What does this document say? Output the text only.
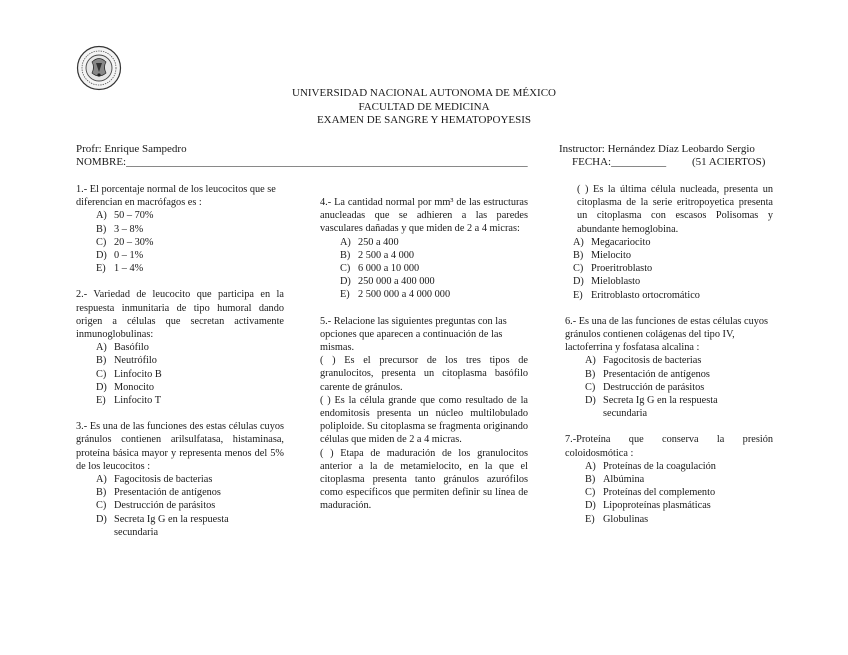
UNIVERSIDAD NACIONAL AUTONOMA DE MÉXICO
FACULTAD DE MEDICINA
EXAMEN DE SANGRE Y HEMATOPOYESIS
Profr: Enrique Sampedro	Instructor: Hernández Díaz Leobardo Sergio
NOMBRE:_________________________________________________________________________	FECHA:__________ (51 ACIERTOS)

1.- El porcentaje normal de los leucocitos que se diferencian en macrófagos es :

A) 50 – 70%
B) 3 – 8%
C) 20 – 30%
D) 0 – 1%
E) 1 – 4%

2.- Variedad de leucocito que participa en la respuesta inmunitaria de tipo humoral dando origen a células que secretan activamente inmunoglobulinas:

A) Basófilo
B) Neutrófilo
C) Linfocito B
D) Monocito
E) Linfocito T

3.- Es una de las funciones des estas células cuyos gránulos contienen arilsulfatasa, histaminasa, proteína básica mayor y representa menos del 5% de los leucocitos :

A) Fagocitosis de bacterias
B) Presentación de antígenos
C) Destrucción de parásitos
D) Secreta Ig G en la respuesta secundaria

4.- La cantidad normal por mm³ de las estructuras anucleadas que se adhieren a las paredes vasculares dañadas y que miden de 2 a 4 micras:

A) 250 a 400
B) 2 500 a 4 000
C) 6 000 a 10 000
D) 250 000 a 400 000
E) 2 500 000 a 4 000 000

5.- Relacione las siguientes preguntas con las opciones que aparecen a continuación de las mismas.

( ) Es el precursor de los tres tipos de granulocitos, presenta un citoplasma basófilo carente de gránulos.

( ) Es la célula grande que como resultado de la endomitosis presenta un núcleo multilobulado poliploide. Su citoplasma se fragmenta originando células que miden de 2 a 4 micras.

( ) Etapa de maduración de los granulocitos anterior a la de metamielocito, en la que el citoplasma presenta tanto gránulos azurófilos como específicos que permiten definir su línea de maduración.

( ) Es la última célula nucleada, presenta un citoplasma de la serie eritropoyetica presenta un citoplasma con escasos Polisomas y abundante hemoglobina.

A) Megacariocito
B) Mielocito
C) Proeritroblasto
D) Mieloblasto
E) Eritroblasto ortocromático

6.- Es una de las funciones de estas células cuyos gránulos contienen colágenas del tipo IV, lactoferrina y fosfatasa alcalina :

A) Fagocitosis de bacterias
B) Presentación de antígenos
C) Destrucción de parásitos
D) Secreta Ig G en la respuesta secundaria

7.-Proteína que conserva la presión coloidosmótica :

A) Proteínas de la coagulación
B) Albúmina
C) Proteínas del complemento
D) Lipoproteínas plasmáticas
E) Globulinas
